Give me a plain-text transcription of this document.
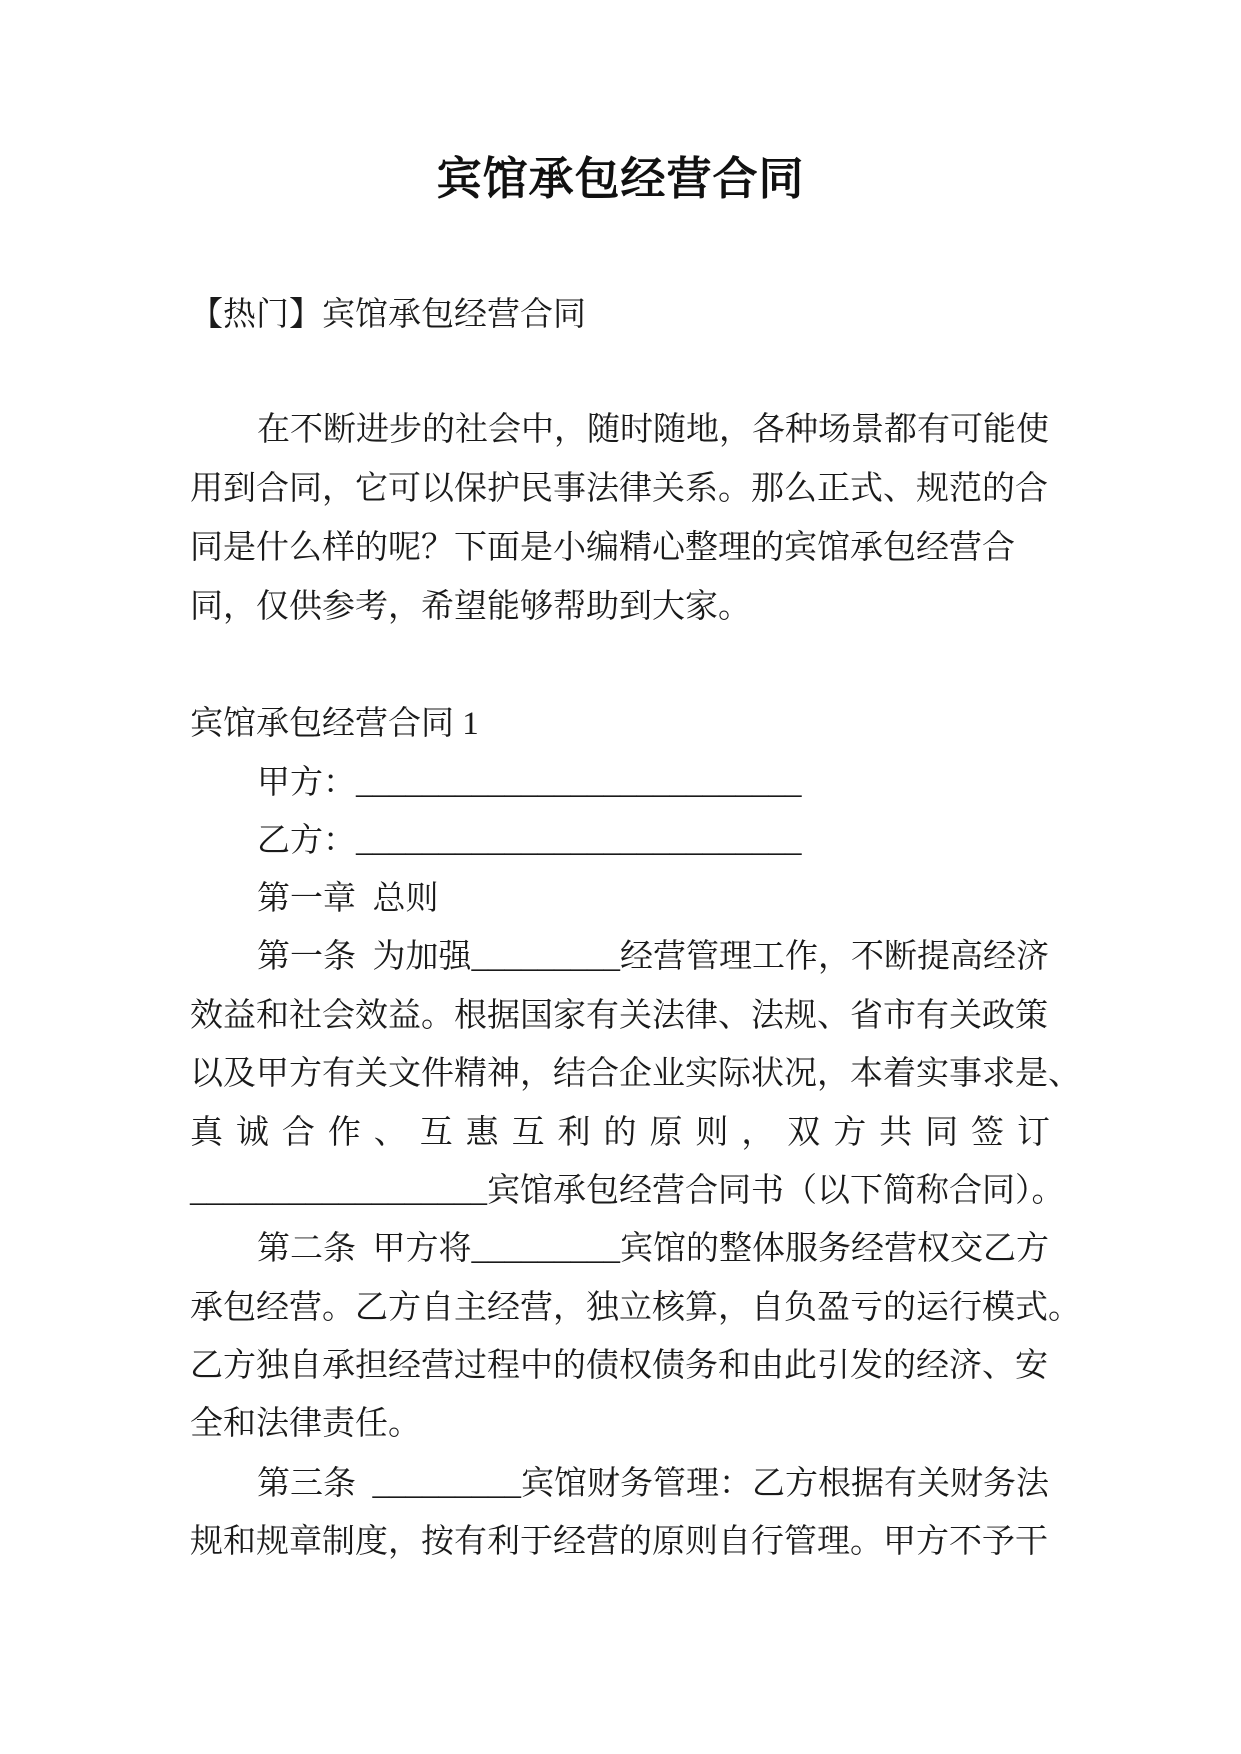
宾馆承包经营合同
【热门】宾馆承包经营合同
在不断进步的社会中，随时随地，各种场景都有可能使
用到合同，它可以保护民事法律关系。那么正式、规范的合
同是什么样的呢？下面是小编精心整理的宾馆承包经营合
同，仅供参考，希望能够帮助到大家。
宾馆承包经营合同 1
甲方：___________________________
乙方：___________________________
第一章  总则
第一条  为加强_________经营管理工作，不断提高经济
效益和社会效益。根据国家有关法律、法规、省市有关政策
以及甲方有关文件精神，结合企业实际状况，本着实事求是、
真诚合作、互惠互利的原则，双方共同签订
__________________宾馆承包经营合同书（以下简称合同）。
第二条  甲方将_________宾馆的整体服务经营权交乙方
承包经营。乙方自主经营，独立核算，自负盈亏的运行模式。
乙方独自承担经营过程中的债权债务和由此引发的经济、安
全和法律责任。
第三条  _________宾馆财务管理：乙方根据有关财务法
规和规章制度，按有利于经营的原则自行管理。甲方不予干
